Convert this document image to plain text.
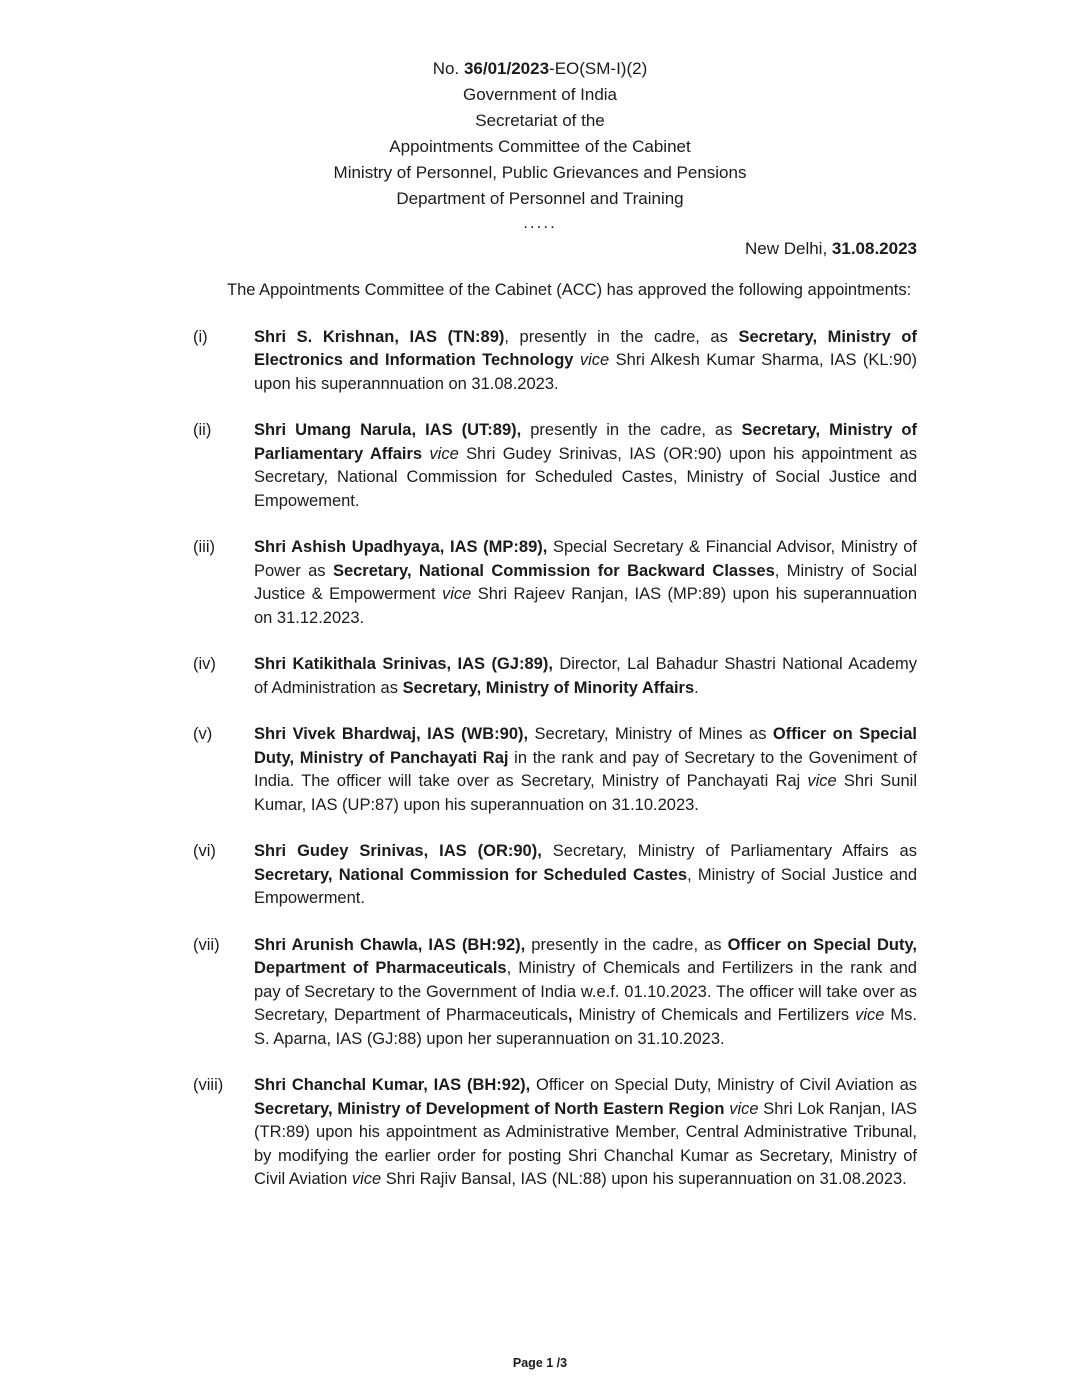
No. 36/01/2023-EO(SM-I)(2)
Government of India
Secretariat of the
Appointments Committee of the Cabinet
Ministry of Personnel, Public Grievances and Pensions
Department of Personnel and Training
.....
New Delhi, 31.08.2023

The Appointments Committee of the Cabinet (ACC) has approved the following appointments:

(i)	Shri S. Krishnan, IAS (TN:89), presently in the cadre, as Secretary, Ministry of Electronics and Information Technology vice Shri Alkesh Kumar Sharma, IAS (KL:90) upon his superannnuation on 31.08.2023.
(ii)	Shri Umang Narula, IAS (UT:89), presently in the cadre, as Secretary, Ministry of Parliamentary Affairs vice Shri Gudey Srinivas, IAS (OR:90) upon his appointment as Secretary, National Commission for Scheduled Castes, Ministry of Social Justice and Empowement.
(iii) Shri Ashish Upadhyaya, IAS (MP:89), Special Secretary & Financial Advisor, Ministry of Power as Secretary, National Commission for Backward Classes, Ministry of Social Justice & Empowerment vice Shri Rajeev Ranjan, IAS (MP:89) upon his superannuation on 31.12.2023.
(iv) Shri Katikithala Srinivas, IAS (GJ:89), Director, Lal Bahadur Shastri National Academy of Administration as Secretary, Ministry of Minority Affairs.
(v)	Shri Vivek Bhardwaj, IAS (WB:90), Secretary, Ministry of Mines as Officer on Special Duty, Ministry of Panchayati Raj in the rank and pay of Secretary to the Goveniment of India. The officer will take over as Secretary, Ministry of Panchayati Raj vice Shri Sunil Kumar, IAS (UP:87) upon his superannuation on 31.10.2023.
(vi) Shri Gudey Srinivas, IAS (OR:90), Secretary, Ministry of Parliamentary Affairs as Secretary, National Commission for Scheduled Castes, Ministry of Social Justice and Empowerment.
(vii) Shri Arunish Chawla, IAS (BH:92), presently in the cadre, as Officer on Special Duty, Department of Pharmaceuticals, Ministry of Chemicals and Fertilizers in the rank and pay of Secretary to the Government of India w.e.f. 01.10.2023. The officer will take over as Secretary, Department of Pharmaceuticals, Ministry of Chemicals and Fertilizers vice Ms. S. Aparna, IAS (GJ:88) upon her superannuation on 31.10.2023.
(viii) Shri Chanchal Kumar, IAS (BH:92), Officer on Special Duty, Ministry of Civil Aviation as Secretary, Ministry of Development of North Eastern Region vice Shri Lok Ranjan, IAS (TR:89) upon his appointment as Administrative Member, Central Administrative Tribunal, by modifying the earlier order for posting Shri Chanchal Kumar as Secretary, Ministry of Civil Aviation vice Shri Rajiv Bansal, IAS (NL:88) upon his superannuation on 31.08.2023.
Page 1 /3
